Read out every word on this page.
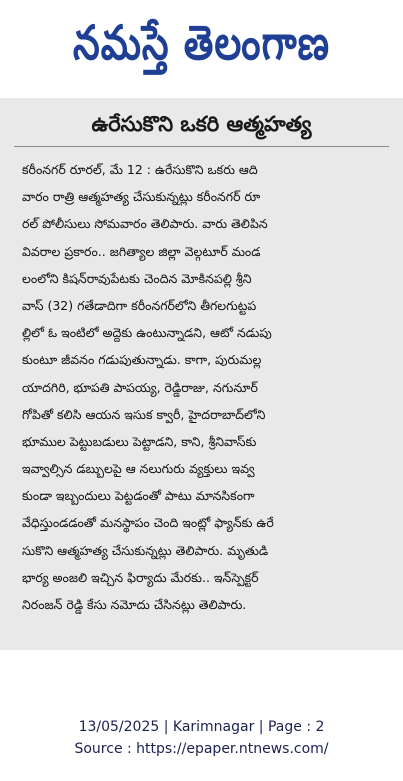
నమస్తే తెలంగాణ
ఉరేసుకొని ఒకరి ఆత్మహత్య
కరీంనగర్ రూరల్, మే 12 : ఉరేసుకొని ఒకరు ఆది
వారం రాత్రి ఆత్మహత్య చేసుకున్నట్లు కరీంనగర్ రూ
రల్ పోలీసులు సోమవారం తెలిపారు. వారు తెలిపిన
వివరాల ప్రకారం.. జగిత్యాల జిల్లా వెల్గటూర్ మండ
లంలోని కిషన్‌రావుపేటకు చెందిన మోకినపల్లి శ్రీని
వాస్ (32) గతేడాదిగా కరీంనగర్‌లోని తీగలగుట్టప
ల్లిలో ఓ ఇంటిలో అద్దెకు ఉంటున్నాడని, ఆటో నడుపు
కుంటూ జీవనం గడుపుతున్నాడు. కాగా, పురుమల్ల
యాదగిరి, భూపతి పాపయ్య, రెడ్డిరాజు, నగునూర్
గోపితో కలిసి ఆయన ఇసుక క్వారీ, హైదరాబాద్‌లోని
భూముల పెట్టుబడులు పెట్టాడని, కాని, శ్రీనివాస్‌కు
ఇవ్వాల్సిన డబ్బులపై ఆ నలుగురు వ్యక్తులు ఇవ్వ
కుండా ఇబ్బందులు పెట్టడంతో పాటు మానసికంగా
వేధిస్తుండడంతో మనస్థాపం చెంది ఇంట్లో ఫ్యాన్‌కు ఉరే
సుకొని ఆత్మహత్య చేసుకున్నట్లు తెలిపారు. మృతుడి
భార్య అంజలి ఇచ్చిన ఫిర్యాదు మేరకు.. ఇన్‌స్పెక్టర్
నిరంజన్ రెడ్డి కేసు నమోదు చేసినట్లు తెలిపారు.
13/05/2025 | Karimnagar | Page : 2
Source : https://epaper.ntnews.com/
